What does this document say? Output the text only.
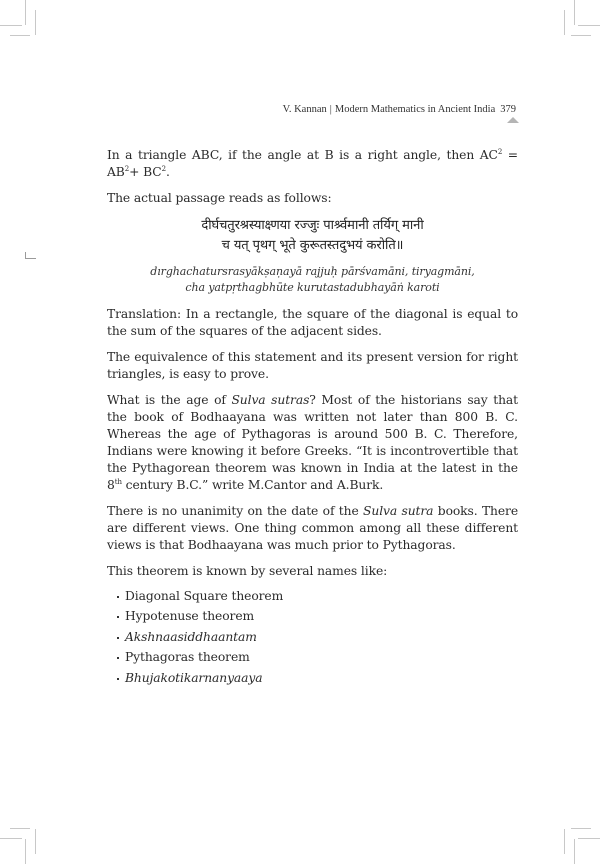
V. Kannan | Modern Mathematics in Ancient India 379

In a triangle ABC, if the angle at B is a right angle, then $AC^2 = AB^2+ BC^2$.

The actual passage reads as follows:

दीर्घचतुरश्रस्याक्ष्णया रज्जुः पार्श्र्वमानी तर्यिग् मानी
च यत् पृथग् भूते कुरूतस्तदुभयं करोति॥
dırghachatursrasyākṣaṇayā rajjuḥ pārśvamāni, tiryagmāni,
cha yatpṛthagbhūte kurutastadubhayāṅ karoti

Translation: In a rectangle, the square of the diagonal is equal to the sum of the squares of the adjacent sides.

The equivalence of this statement and its present version for right triangles, is easy to prove.

What is the age of Sulva sutras? Most of the historians say that the book of Bodhaayana was written not later than 800 B. C. Whereas the age of Pythagoras is around 500 B. C. Therefore, Indians were knowing it before Greeks. “It is incontrovertible that the Pythagorean theorem was known in India at the latest in the 8th century B.C.” write M.Cantor and A.Burk.

There is no unanimity on the date of the Sulva sutra books. There are different views. One thing common among all these different views is that Bodhaayana was much prior to Pythagoras.

This theorem is known by several names like:

Diagonal Square theorem
Hypotenuse theorem
Akshnaasiddhaantam
Pythagoras theorem
Bhujakotikarnanyaaya
